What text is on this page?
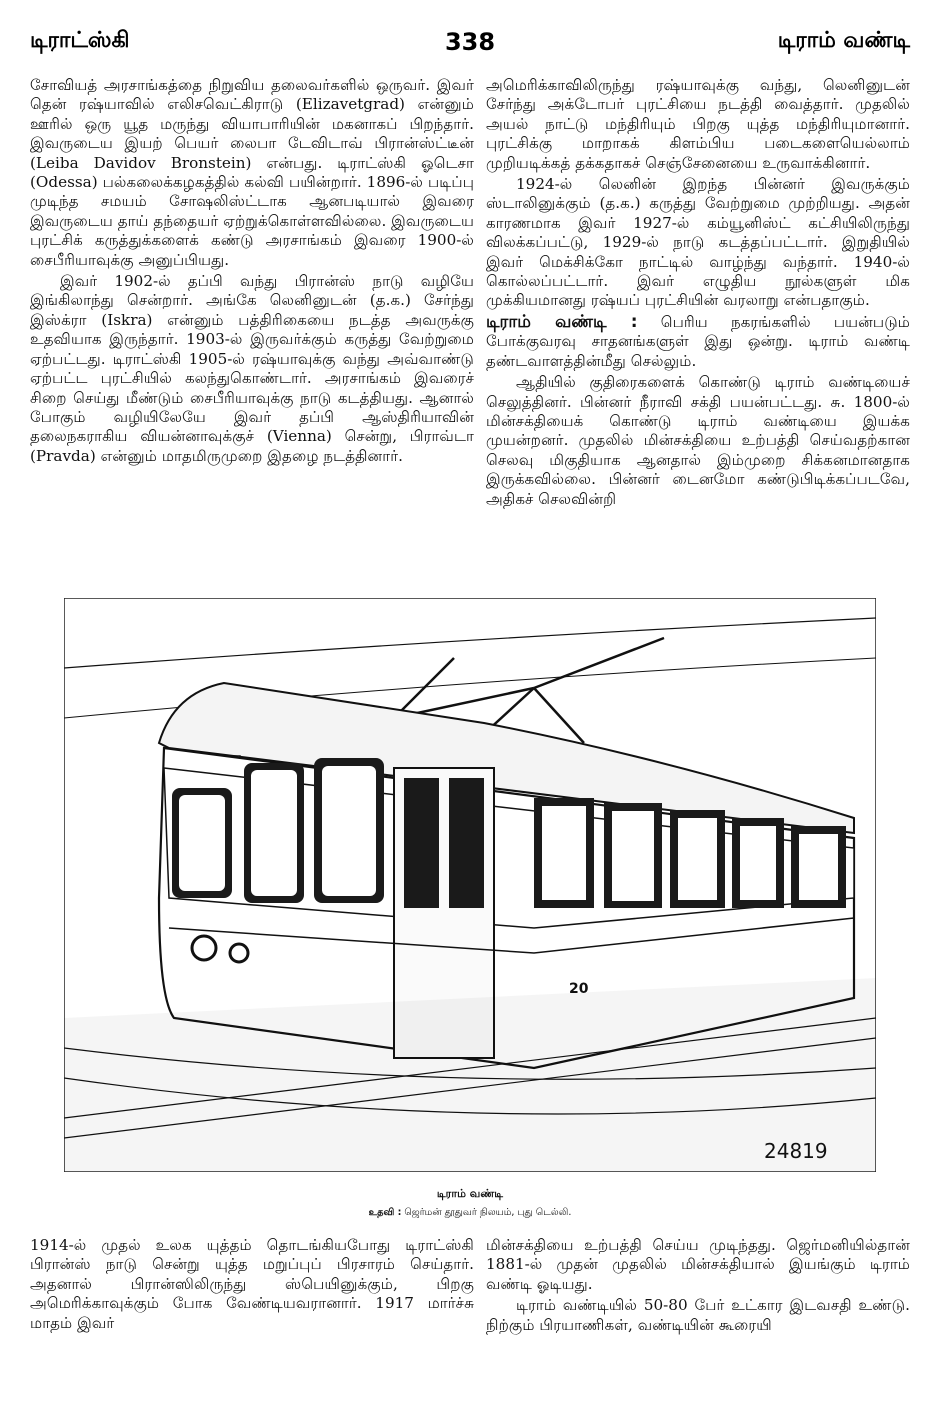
டிராட்ஸ்கி	338	டிராம் வண்டி

சோவியத் அரசாங்கத்தை நிறுவிய தலைவர்களில் ஒருவர். இவர் தென் ரஷ்யாவில் எலிசவெட்கிராடு (Elizavetgrad) என்னும் ஊரில் ஒரு யூத மருந்து வியாபாரியின் மகனாகப் பிறந்தார். இவருடைய இயற் பெயர் லைபா டேவிடாவ் பிரான்ஸ்ட்டீன் (Leiba Davidov Bronstein) என்பது. டிராட்ஸ்கி ஓடெசா (Odessa) பல்கலைக்கழகத்தில் கல்வி பயின்றார். 1896-ல் படிப்பு முடிந்த சமயம் சோஷலிஸ்ட்டாக ஆனபடியால் இவரை இவருடைய தாய் தந்தையர் ஏற்றுக்கொள்ளவில்லை. இவருடைய புரட்சிக் கருத்துக்களைக் கண்டு அரசாங்கம் இவரை 1900-ல் சைபீரியாவுக்கு அனுப்பியது.

இவர் 1902-ல் தப்பி வந்து பிரான்ஸ் நாடு வழியே இங்கிலாந்து சென்றார். அங்கே லெனினுடன் (த.க.) சேர்ந்து இஸ்க்ரா (Iskra) என்னும் பத்திரிகையை நடத்த அவருக்கு உதவியாக இருந்தார். 1903-ல் இருவர்க்கும் கருத்து வேற்றுமை ஏற்பட்டது. டிராட்ஸ்கி 1905-ல் ரஷ்யாவுக்கு வந்து அவ்வாண்டு ஏற்பட்ட புரட்சியில் கலந்துகொண்டார். அரசாங்கம் இவரைச் சிறை செய்து மீண்டும் சைபீரியாவுக்கு நாடு கடத்தியது. ஆனால் போகும் வழியிலேயே இவர் தப்பி ஆஸ்திரியாவின் தலைநகராகிய வியன்னாவுக்குச் (Vienna) சென்று, பிராவ்டா (Pravda) என்னும் மாதமிருமுறை இதழை நடத்தினார்.

அமெரிக்காவிலிருந்து ரஷ்யாவுக்கு வந்து, லெனினுடன் சேர்ந்து அக்டோபர் புரட்சியை நடத்தி வைத்தார். முதலில் அயல் நாட்டு மந்திரியும் பிறகு யுத்த மந்திரியுமானார். புரட்சிக்கு மாறாகக் கிளம்பிய படைகளையெல்லாம் முறியடிக்கத் தக்கதாகச் செஞ்சேனையை உருவாக்கினார்.

1924-ல் லெனின் இறந்த பின்னர் இவருக்கும் ஸ்டாலினுக்கும் (த.க.) கருத்து வேற்றுமை முற்றியது. அதன் காரணமாக இவர் 1927-ல் கம்யூனிஸ்ட் கட்சியிலிருந்து விலக்கப்பட்டு, 1929-ல் நாடு கடத்தப்பட்டார். இறுதியில் இவர் மெக்சிக்கோ நாட்டில் வாழ்ந்து வந்தார். 1940-ல் கொல்லப்பட்டார். இவர் எழுதிய நூல்களுள் மிக முக்கியமானது ரஷ்யப் புரட்சியின் வரலாறு என்பதாகும்.

டிராம் வண்டி : பெரிய நகரங்களில் பயன்படும் போக்குவரவு சாதனங்களுள் இது ஒன்று. டிராம் வண்டி தண்டவாளத்தின்மீது செல்லும்.

ஆதியில் குதிரைகளைக் கொண்டு டிராம் வண்டியைச் செலுத்தினர். பின்னர் நீராவி சக்தி பயன்பட்டது. சு. 1800-ல் மின்சக்தியைக் கொண்டு டிராம் வண்டியை இயக்க முயன்றனர். முதலில் மின்சக்தியை உற்பத்தி செய்வதற்கான செலவு மிகுதியாக ஆனதால் இம்முறை சிக்கனமானதாக இருக்கவில்லை. பின்னர் டைனமோ கண்டுபிடிக்கப்படவே, அதிகச் செலவின்றி

20
24819
டிராம் வண்டி
உதவி : ஜெர்மன் தூதுவர் நிலயம், புது டெல்லி.

1914-ல் முதல் உலக யுத்தம் தொடங்கியபோது டிராட்ஸ்கி பிரான்ஸ் நாடு சென்று யுத்த மறுப்புப் பிரசாரம் செய்தார். அதனால் பிரான்ஸிலிருந்து ஸ்பெயினுக்கும், பிறகு அமெரிக்காவுக்கும் போக வேண்டியவரானார். 1917 மார்ச்சு மாதம் இவர்

மின்சக்தியை உற்பத்தி செய்ய முடிந்தது. ஜெர்மனியில்தான் 1881-ல் முதன் முதலில் மின்சக்தியால் இயங்கும் டிராம் வண்டி ஓடியது.

டிராம் வண்டியில் 50-80 பேர் உட்கார இடவசதி உண்டு. நிற்கும் பிரயாணிகள், வண்டியின் கூரையி
